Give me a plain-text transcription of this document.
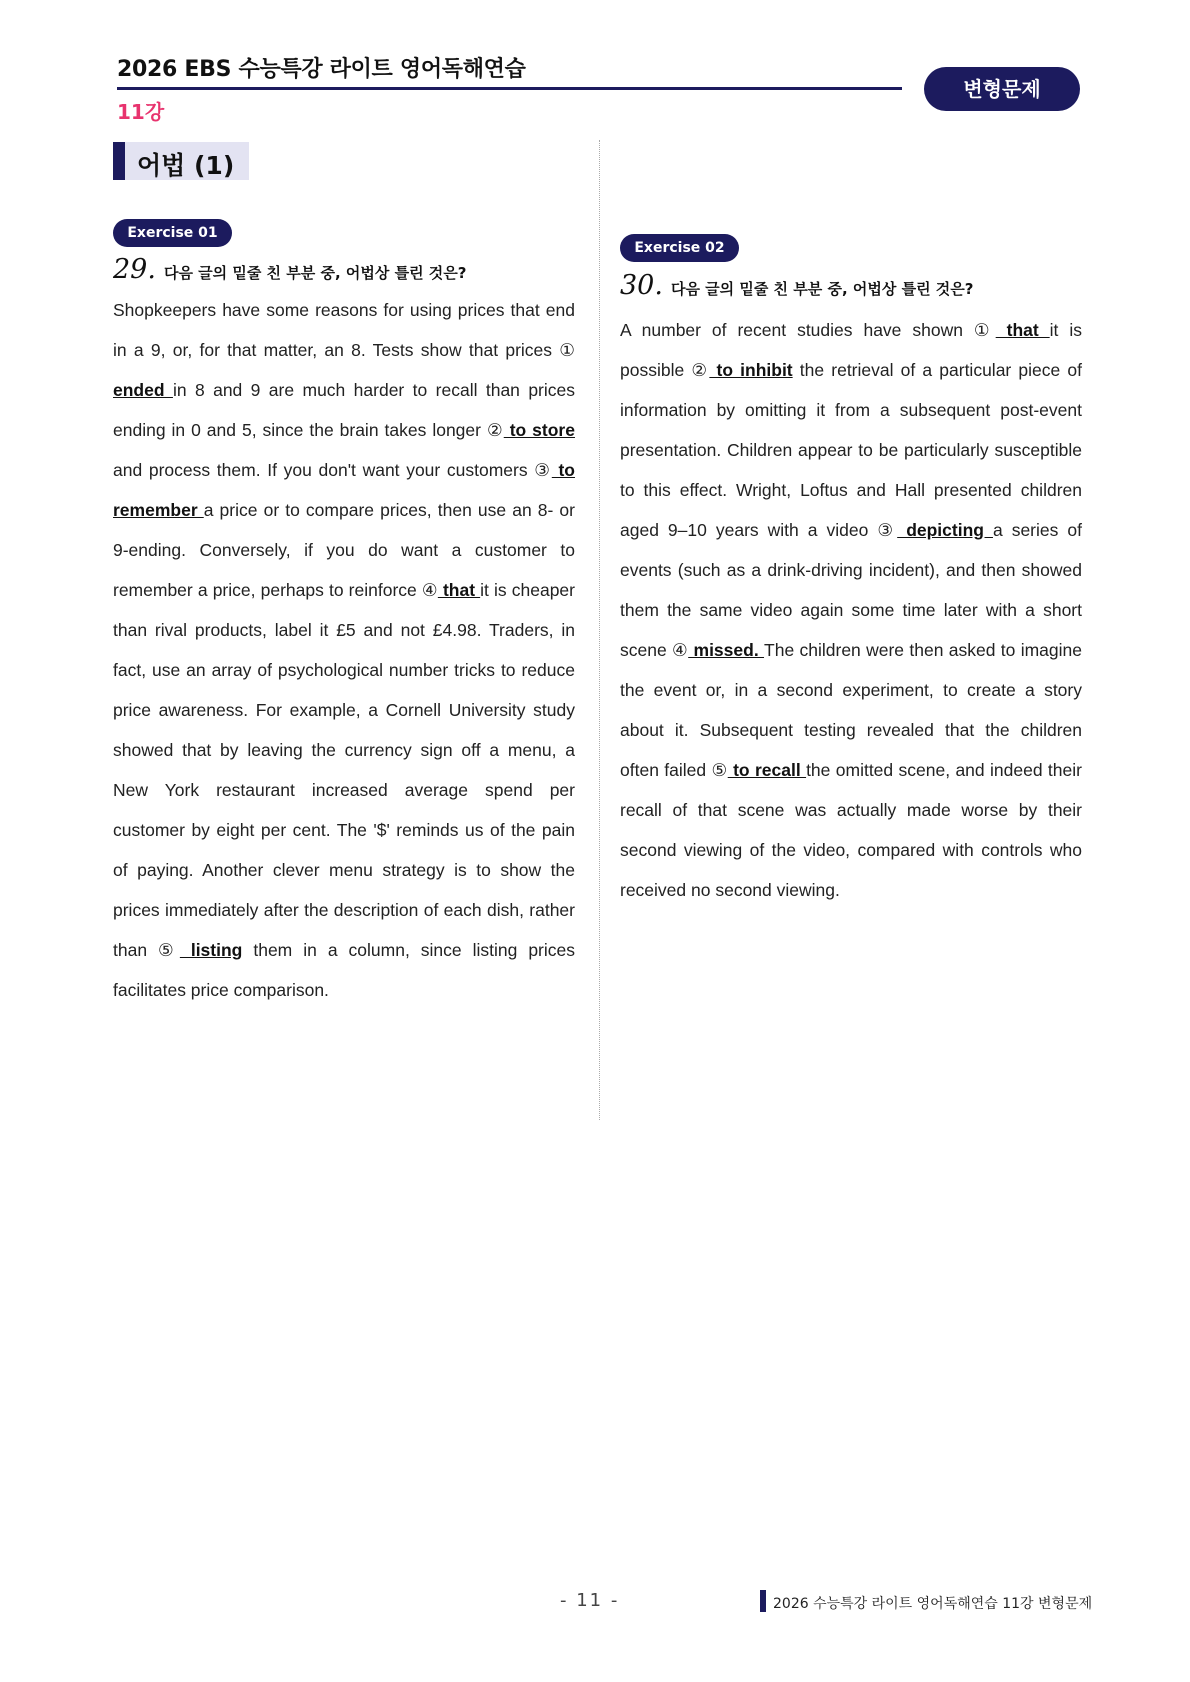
2026 EBS 수능특강 라이트 영어독해연습
11강
변형문제
어법 (1)
Exercise 01
29. 다음 글의 밑줄 친 부분 중, 어법상 틀린 것은?
Shopkeepers have some reasons for using prices that end in a 9, or, for that matter, an 8. Tests show that prices ① ended in 8 and 9 are much harder to recall than prices ending in 0 and 5, since the brain takes longer ② to store and process them. If you don't want your customers ③ to remember a price or to compare prices, then use an 8- or 9-ending. Conversely, if you do want a customer to remember a price, perhaps to reinforce ④ that it is cheaper than rival products, label it £5 and not £4.98. Traders, in fact, use an array of psychological number tricks to reduce price awareness. For example, a Cornell University study showed that by leaving the currency sign off a menu, a New York restaurant increased average spend per customer by eight per cent. The '$' reminds us of the pain of paying. Another clever menu strategy is to show the prices immediately after the description of each dish, rather than ⑤ listing them in a column, since listing prices facilitates price comparison.
Exercise 02
30. 다음 글의 밑줄 친 부분 중, 어법상 틀린 것은?
A number of recent studies have shown ① that it is possible ② to inhibit the retrieval of a particular piece of information by omitting it from a subsequent post-event presentation. Children appear to be particularly susceptible to this effect. Wright, Loftus and Hall presented children aged 9–10 years with a video ③ depicting a series of events (such as a drink-driving incident), and then showed them the same video again some time later with a short scene ④ missed. The children were then asked to imagine the event or, in a second experiment, to create a story about it. Subsequent testing revealed that the children often failed ⑤ to recall the omitted scene, and indeed their recall of that scene was actually made worse by their second viewing of the video, compared with controls who received no second viewing.
- 11 -	2026 수능특강 라이트 영어독해연습 11강 변형문제
